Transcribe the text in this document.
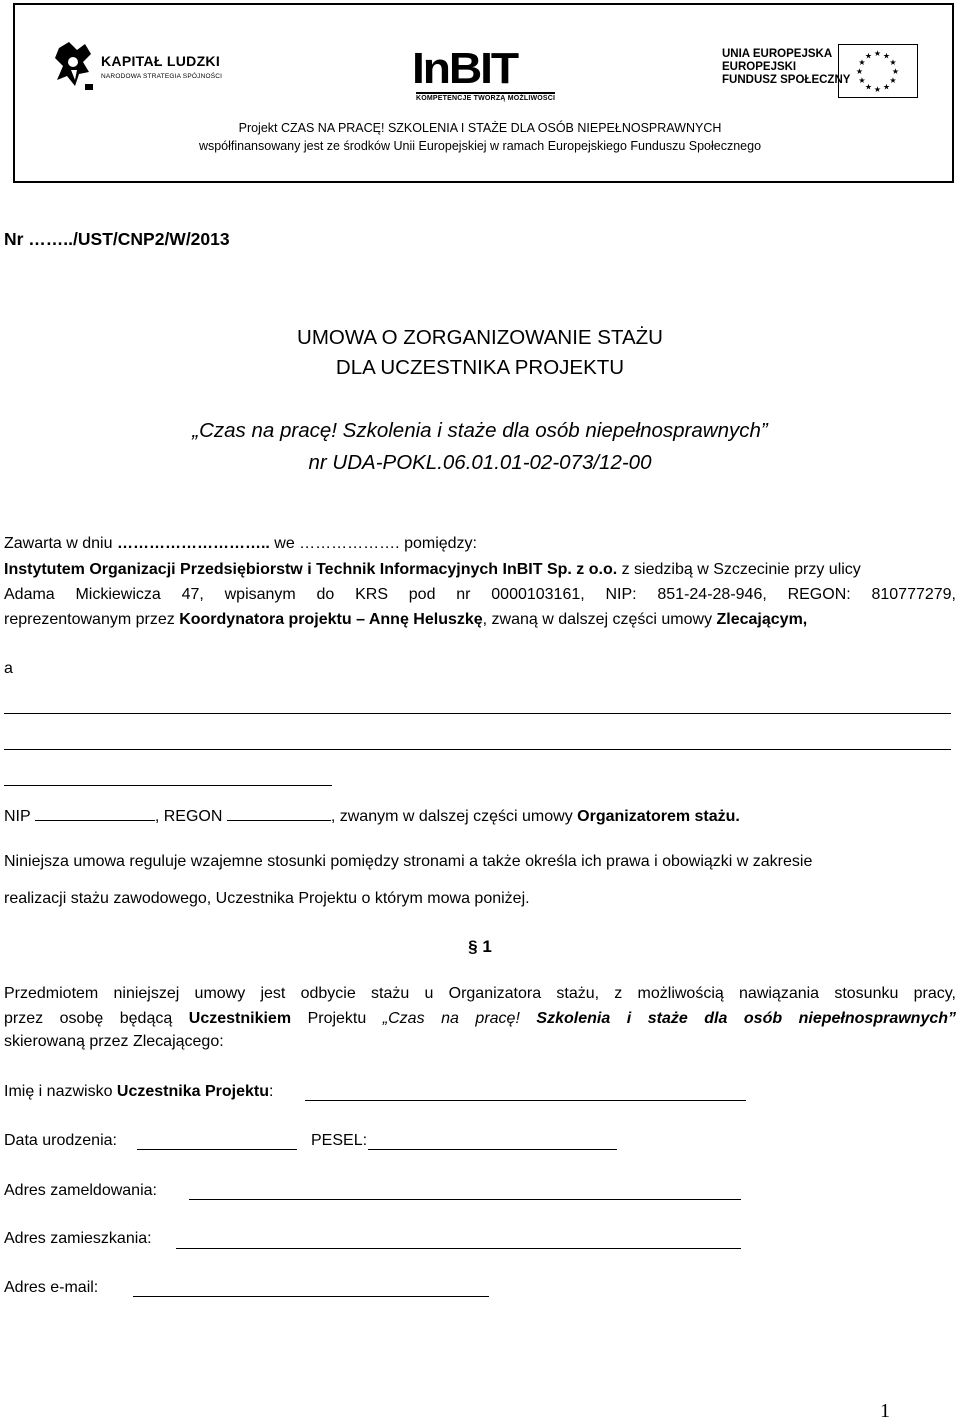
KAPITAŁ LUDZKI
NARODOWA STRATEGIA SPÓJNOŚCI	InBIT
KOMPETENCJE TWORZĄ MOŻLIWOŚCI
UNIA EUROPEJSKA
EUROPEJSKI
FUNDUSZ SPOŁECZNY
★ ★
★
★
★
★
★
★
★
★
★
★
Projekt CZAS NA PRACĘ! SZKOLENIA I STAŻE DLA OSÓB NIEPEŁNOSPRAWNYCH
współfinansowany jest ze środków Unii Europejskiej w ramach Europejskiego Funduszu Społecznego
Nr ……../UST/CNP2/W/2013
UMOWA O ZORGANIZOWANIE STAŻU
DLA UCZESTNIKA PROJEKTU
„Czas na pracę! Szkolenia i staże dla osób niepełnosprawnych”
nr UDA-POKL.06.01.01-02-073/12-00
Zawarta w dniu ……………………….. we ………………. pomiędzy:
Instytutem Organizacji Przedsiębiorstw i Technik Informacyjnych InBIT Sp. z o.o. z siedzibą w Szczecinie przy ulicy
Adama Mickiewicza 47, wpisanym do KRS pod nr 0000103161, NIP: 851-24-28-946, REGON: 810777279,
reprezentowanym przez Koordynatora projektu – Annę Heluszkę, zwaną w dalszej części umowy Zlecającym,
a
NIP	, REGON	, zwanym w dalszej części umowy Organizatorem stażu.
Niniejsza umowa reguluje wzajemne stosunki pomiędzy stronami a także określa ich prawa i obowiązki w zakresie
realizacji stażu zawodowego, Uczestnika Projektu o którym mowa poniżej.
§ 1
Przedmiotem niniejszej umowy jest odbycie stażu u Organizatora stażu, z możliwością nawiązania stosunku pracy,
przez osobę będącą Uczestnikiem Projektu „Czas na pracę! Szkolenia i staże dla osób niepełnosprawnych”
skierowaną przez Zlecającego:
Imię i nazwisko Uczestnika Projektu:
Data urodzenia:	PESEL:
Adres zameldowania:
Adres zamieszkania:
Adres e-mail:
1
